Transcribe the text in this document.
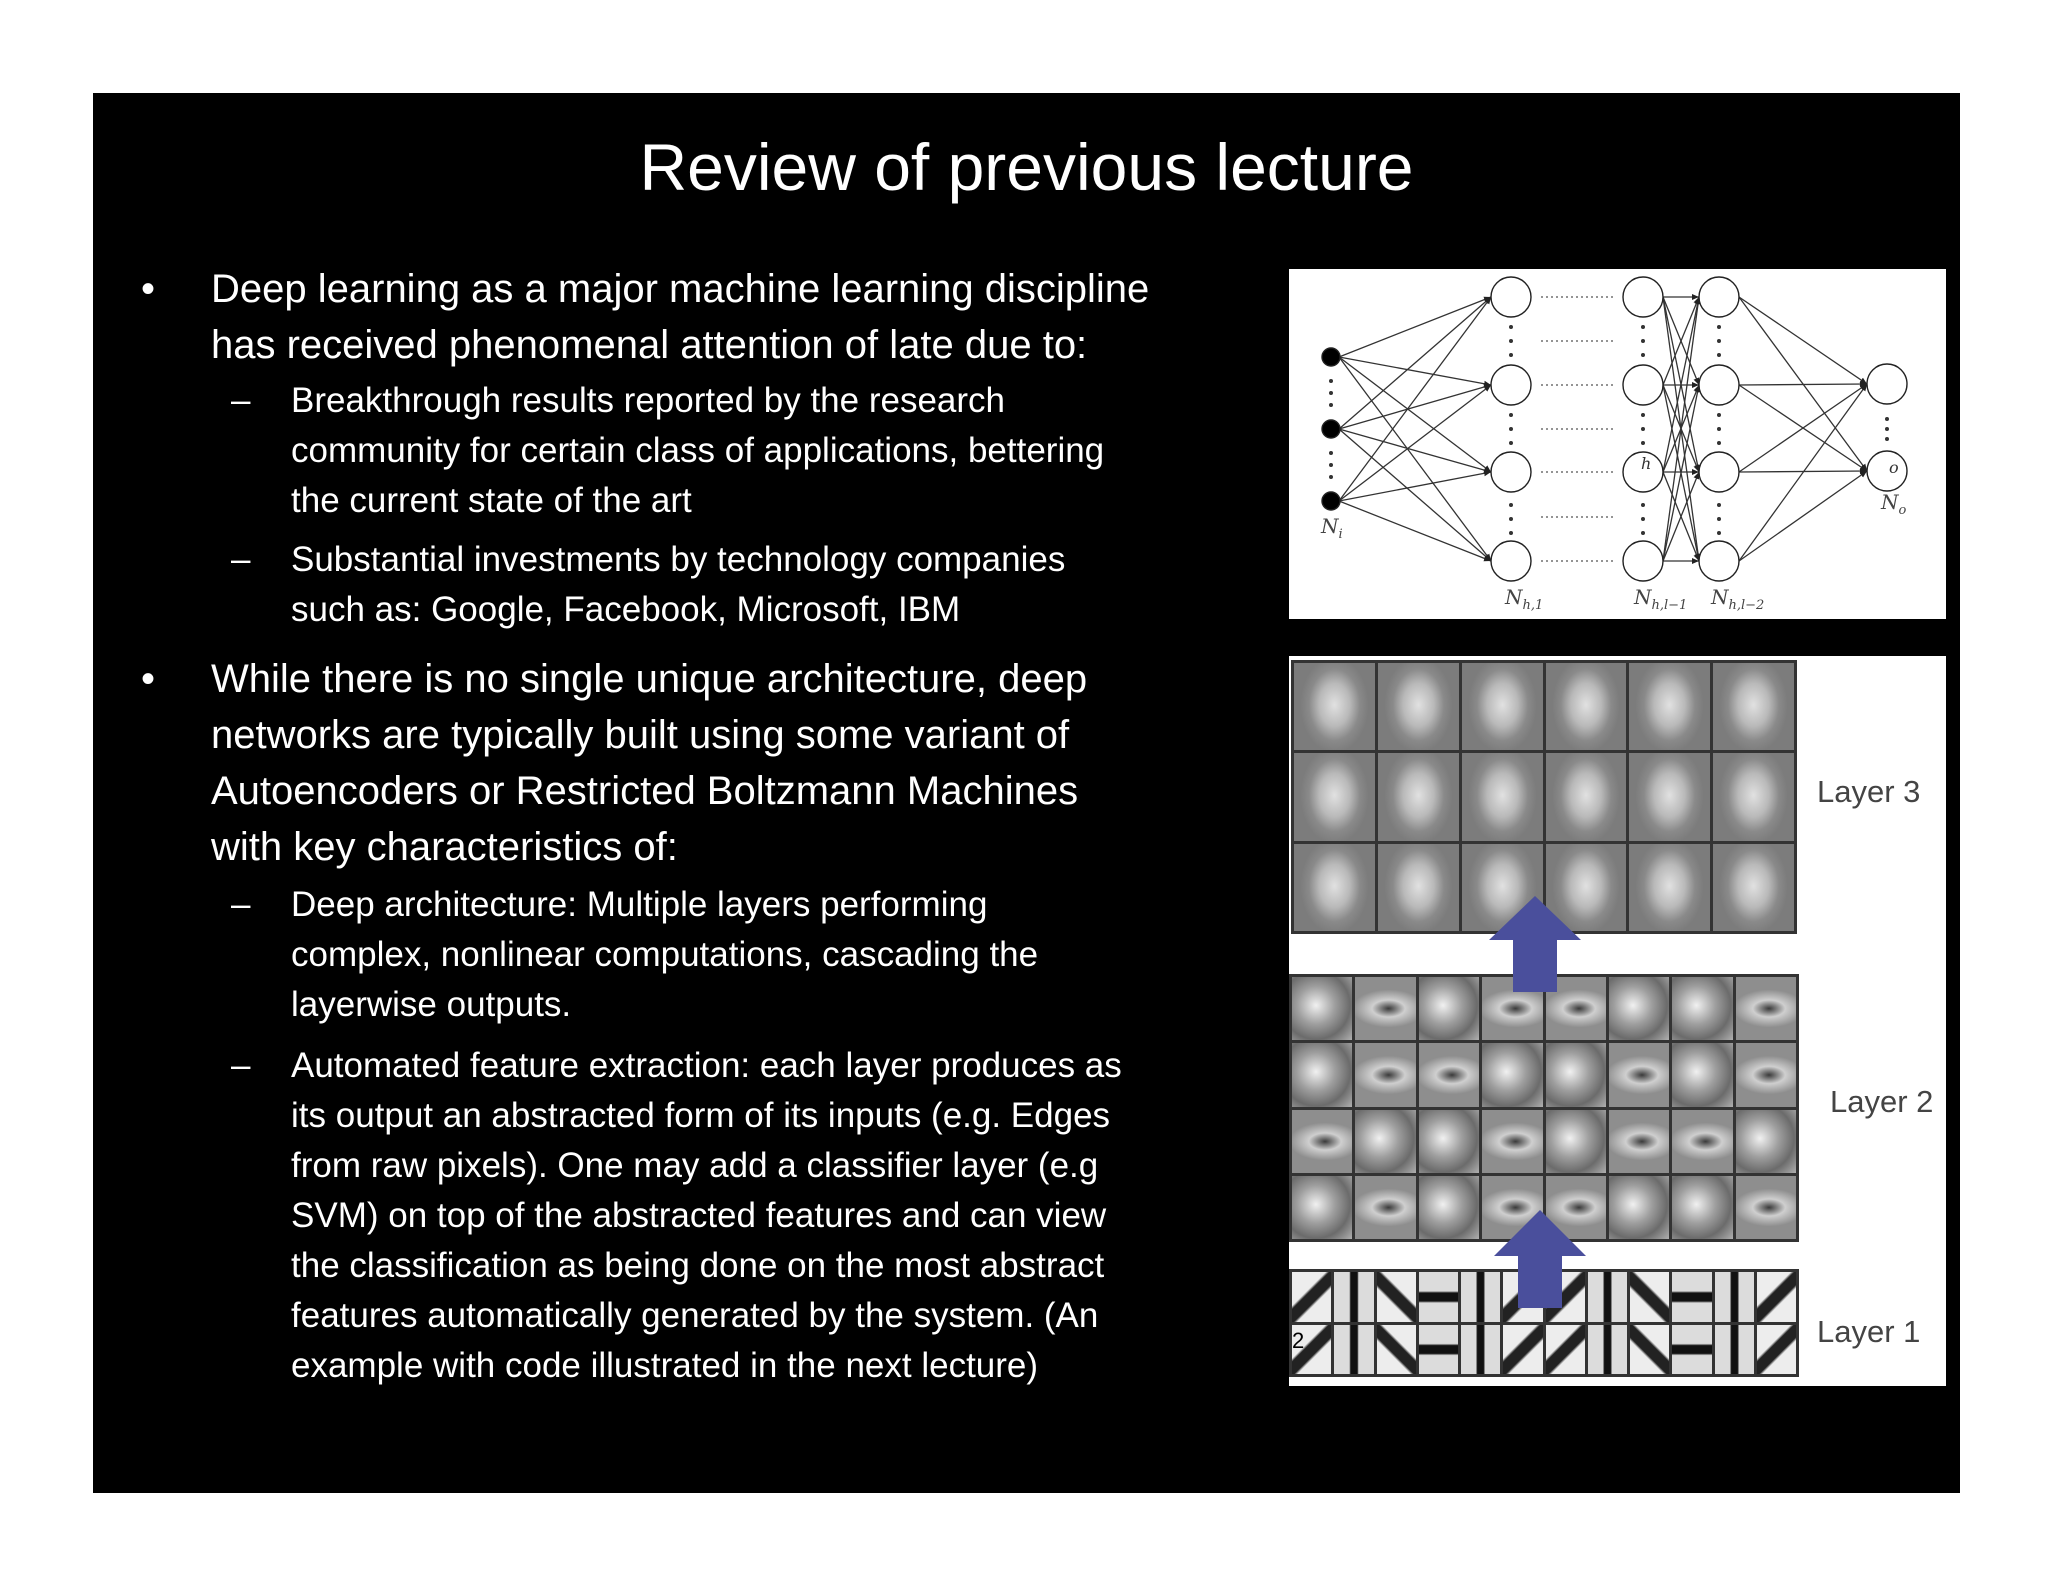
Review of previous lecture
• Deep learning as a major machine learning discipline
has received phenomenal attention of late due to:
– Breakthrough results reported by the research
community for certain class of applications, bettering
the current state of the art
– Substantial investments by technology companies
such as: Google, Facebook, Microsoft, IBM
• While there is no single unique architecture, deep
networks are typically built using some variant of
Autoencoders or Restricted Boltzmann Machines
with key characteristics of:
– Deep architecture: Multiple layers performing
complex, nonlinear computations, cascading the
layerwise outputs.
– Automated feature extraction: each layer produces as
its output an abstracted form of its inputs (e.g. Edges
from raw pixels). One may add a classifier layer (e.g
SVM) on top of the abstracted features and can view
the classification as being done on the most abstract
features automatically generated by the system. (An
example with code illustrated in the next lecture)
h	o
$N_i$
$N_{h,1}$	$N_{h,l-1}$ $N_{h,l-2}$
$N_o$
Layer 3
Layer 2
Layer 1
2
